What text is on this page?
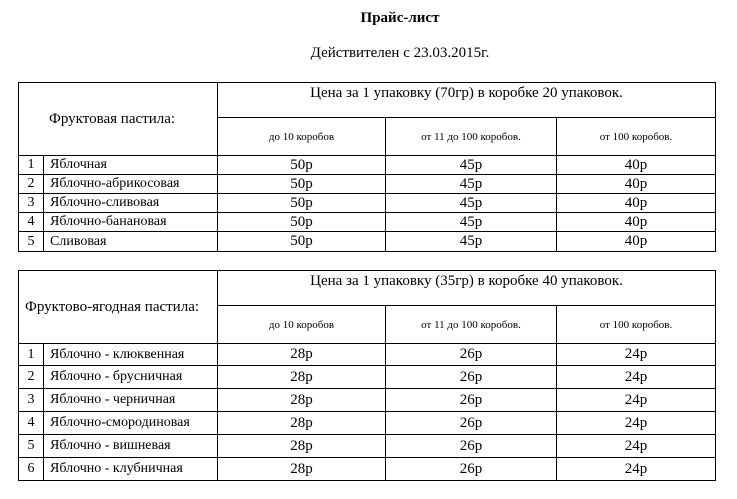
Прайс-лист
Действителен с 23.03.2015г.
Фруктовая пастила:		Цена за 1 упаковку (70гр) в коробке 20 упаковок.		
		до 10 коробов	от 11 до 100 коробов.	от 100 коробов.
1	Яблочная	50р	45р	40р
2	Яблочно-абрикосовая	50р	45р	40р
3	Яблочно-сливовая	50р	45р	40р
4	Яблочно-банановая	50р	45р	40р
5	Сливовая	50р	45р	40р
Фруктово-ягодная пастила:		Цена за 1 упаковку (35гр) в коробке 40 упаковок.		
		до 10 коробов	от 11 до 100 коробов.	от 100 коробов.
1	Яблочно - клюквенная	28р	26р	24р
2	Яблочно - брусничная	28р	26р	24р
3	Яблочно - черничная	28р	26р	24р
4	Яблочно-смородиновая	28р	26р	24р
5	Яблочно - вишневая	28р	26р	24р
6	Яблочно - клубничная	28р	26р	24р
